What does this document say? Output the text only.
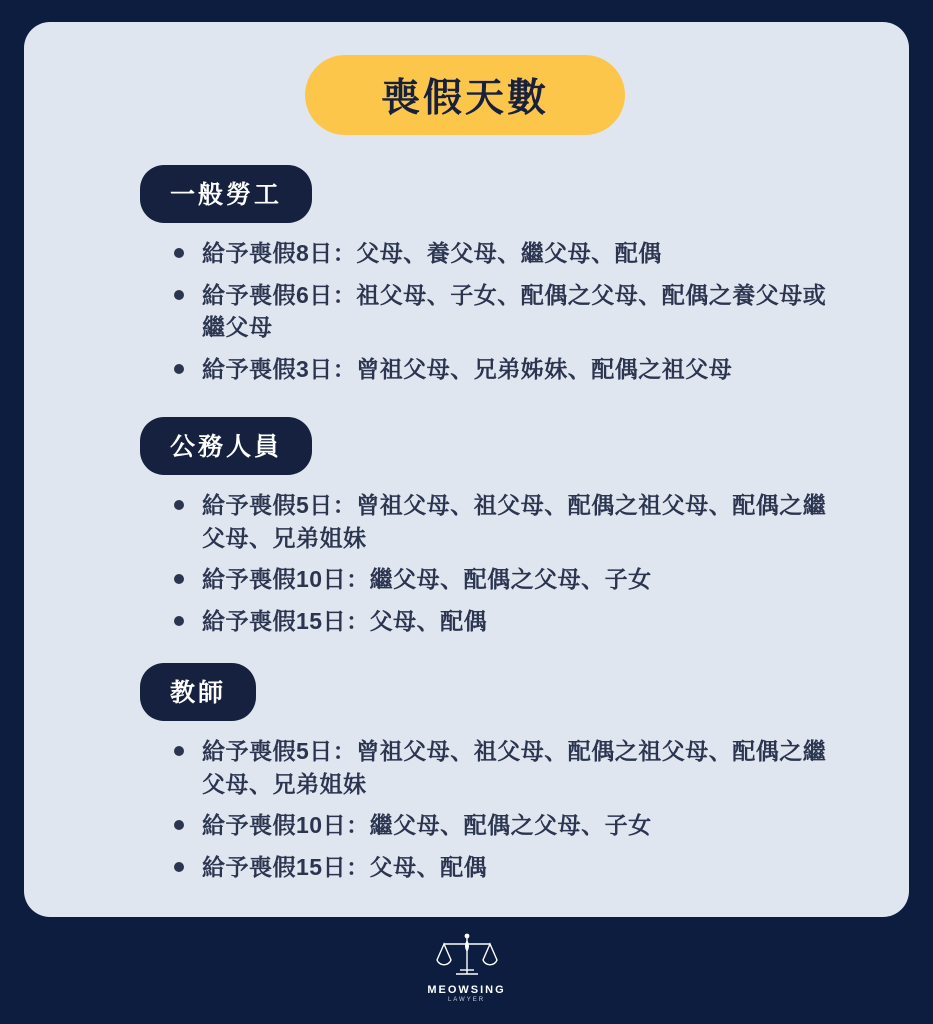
喪假天數
一般勞工
給予喪假8日：父母、養父母、繼父母、配偶
給予喪假6日：祖父母、子女、配偶之父母、配偶之養父母或繼父母
給予喪假3日：曾祖父母、兄弟姊妹、配偶之祖父母
公務人員
給予喪假5日：曾祖父母、祖父母、配偶之祖父母、配偶之繼父母、兄弟姐妹
給予喪假10日：繼父母、配偶之父母、子女
給予喪假15日：父母、配偶
教師
給予喪假5日：曾祖父母、祖父母、配偶之祖父母、配偶之繼父母、兄弟姐妹
給予喪假10日：繼父母、配偶之父母、子女
給予喪假15日：父母、配偶
MEOWSING
LAWYER
